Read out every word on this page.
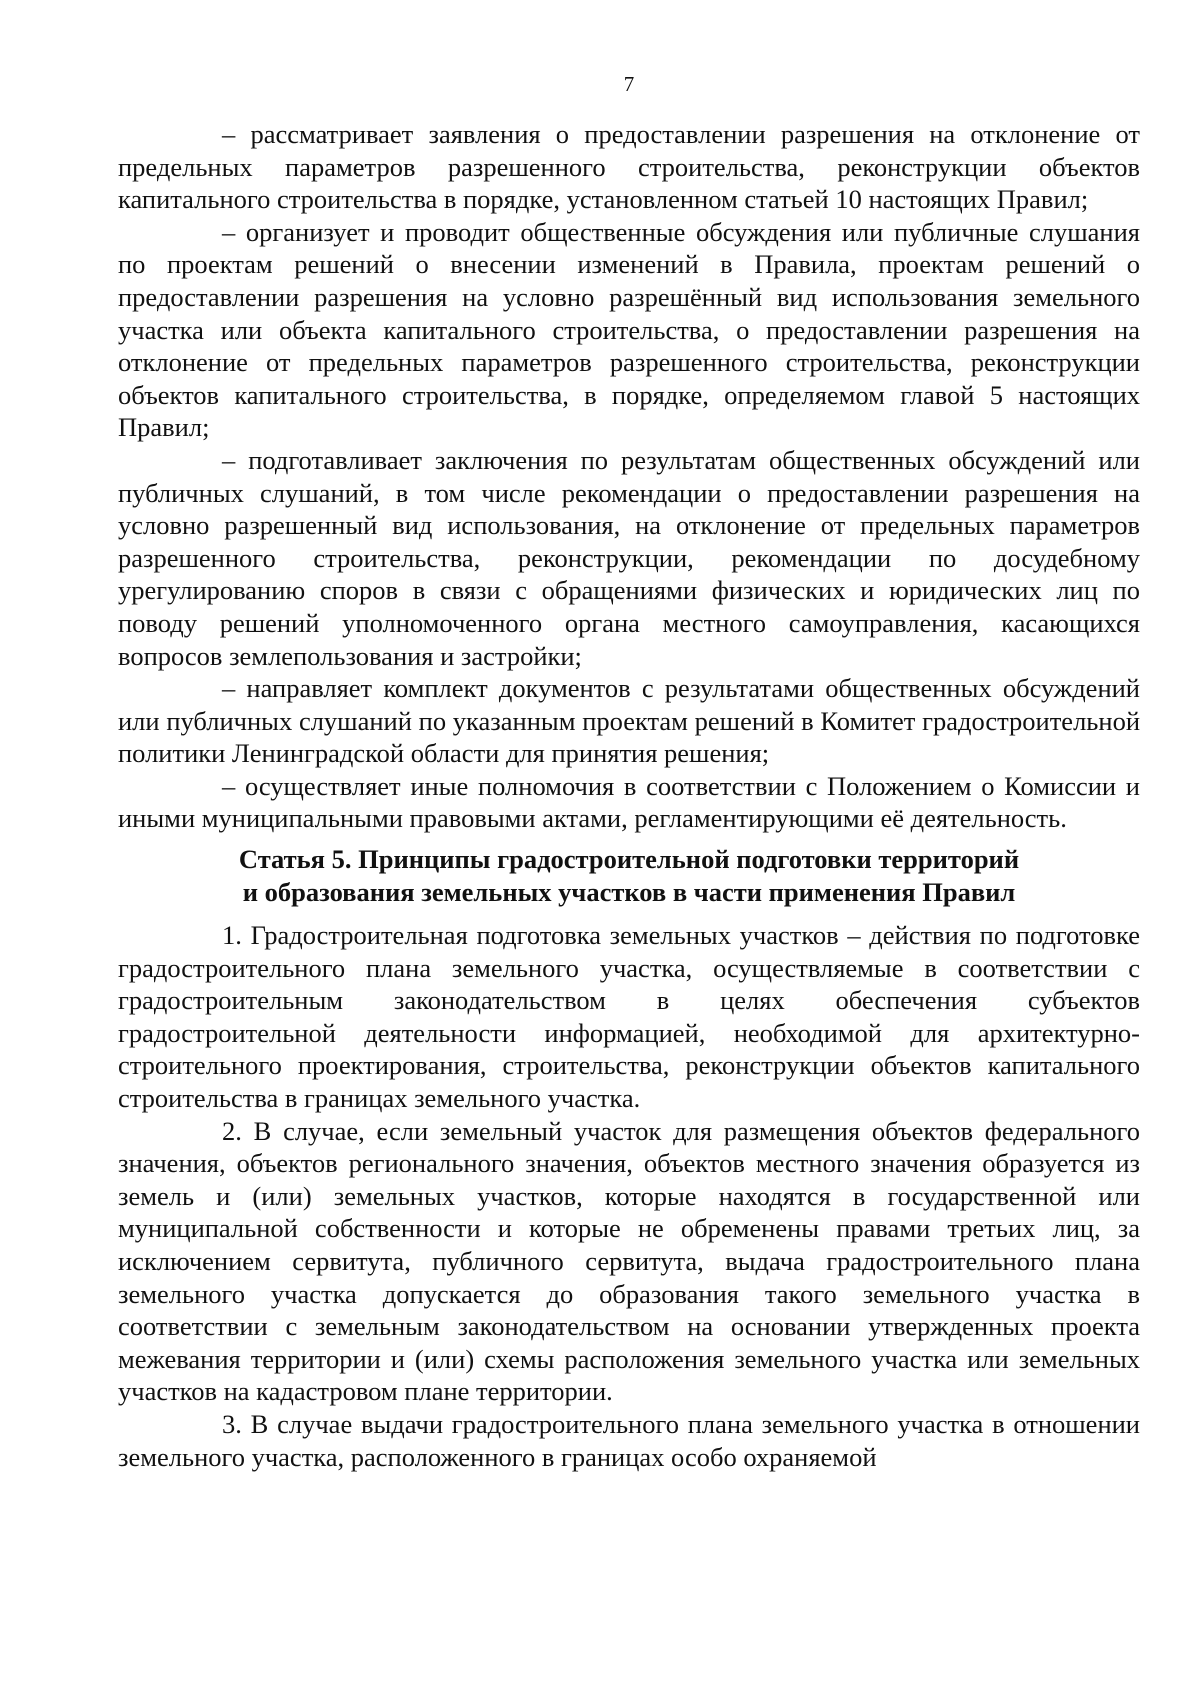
7

– рассматривает заявления о предоставлении разрешения на отклонение от предельных параметров разрешенного строительства, реконструкции объектов капитального строительства в порядке, установленном статьей 10 настоящих Правил;

– организует и проводит общественные обсуждения или публичные слушания по проектам решений о внесении изменений в Правила, проектам решений о предоставлении разрешения на условно разрешённый вид использования земельного участка или объекта капитального строительства, о предоставлении разрешения на отклонение от предельных параметров разрешенного строительства, реконструкции объектов капитального строительства, в порядке, определяемом главой 5 настоящих Правил;

– подготавливает заключения по результатам общественных обсуждений или публичных слушаний, в том числе рекомендации о предоставлении разрешения на условно разрешенный вид использования, на отклонение от предельных параметров разрешенного строительства, реконструкции, рекомендации по досудебному урегулированию споров в связи с обращениями физических и юридических лиц по поводу решений уполномоченного органа местного самоуправления, касающихся вопросов землепользования и застройки;

– направляет комплект документов с результатами общественных обсуждений или публичных слушаний по указанным проектам решений в Комитет градостроительной политики Ленинградской области для принятия решения;

– осуществляет иные полномочия в соответствии с Положением о Комиссии и иными муниципальными правовыми актами, регламентирующими её деятельность.

Статья 5. Принципы градостроительной подготовки территорий
и образования земельных участков в части применения Правил

1. Градостроительная подготовка земельных участков – действия по подготовке градостроительного плана земельного участка, осуществляемые в соответствии с градостроительным законодательством в целях обеспечения субъектов градостроительной деятельности информацией, необходимой для архитектурно-строительного проектирования, строительства, реконструкции объектов капитального строительства в границах земельного участка.

2. В случае, если земельный участок для размещения объектов федерального значения, объектов регионального значения, объектов местного значения образуется из земель и (или) земельных участков, которые находятся в государственной или муниципальной собственности и которые не обременены правами третьих лиц, за исключением сервитута, публичного сервитута, выдача градостроительного плана земельного участка допускается до образования такого земельного участка в соответствии с земельным законодательством на основании утвержденных проекта межевания территории и (или) схемы расположения земельного участка или земельных участков на кадастровом плане территории.

3. В случае выдачи градостроительного плана земельного участка в отношении земельного участка, расположенного в границах особо охраняемой
